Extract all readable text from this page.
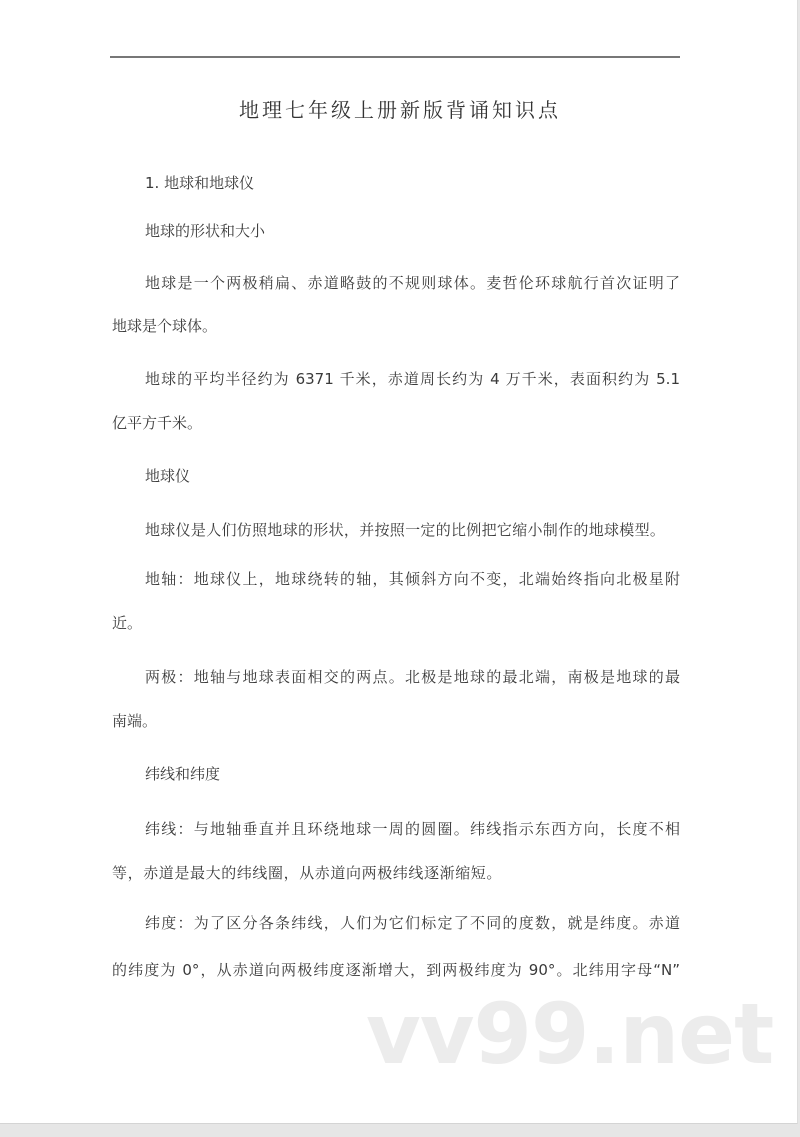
地理七年级上册新版背诵知识点
1. 地球和地球仪
地球的形状和大小
地球是一个两极稍扁、赤道略鼓的不规则球体。麦哲伦环球航行首次证明了
地球是个球体。
地球的平均半径约为 6371 千米，赤道周长约为 4 万千米，表面积约为 5.1
亿平方千米。
地球仪
地球仪是人们仿照地球的形状，并按照一定的比例把它缩小制作的地球模型。
地轴：地球仪上，地球绕转的轴，其倾斜方向不变，北端始终指向北极星附
近。
两极：地轴与地球表面相交的两点。北极是地球的最北端，南极是地球的最
南端。
纬线和纬度
纬线：与地轴垂直并且环绕地球一周的圆圈。纬线指示东西方向，长度不相
等，赤道是最大的纬线圈，从赤道向两极纬线逐渐缩短。
纬度：为了区分各条纬线，人们为它们标定了不同的度数，就是纬度。赤道
的纬度为 0°，从赤道向两极纬度逐渐增大，到两极纬度为 90°。北纬用字母“N”
vv99.net
